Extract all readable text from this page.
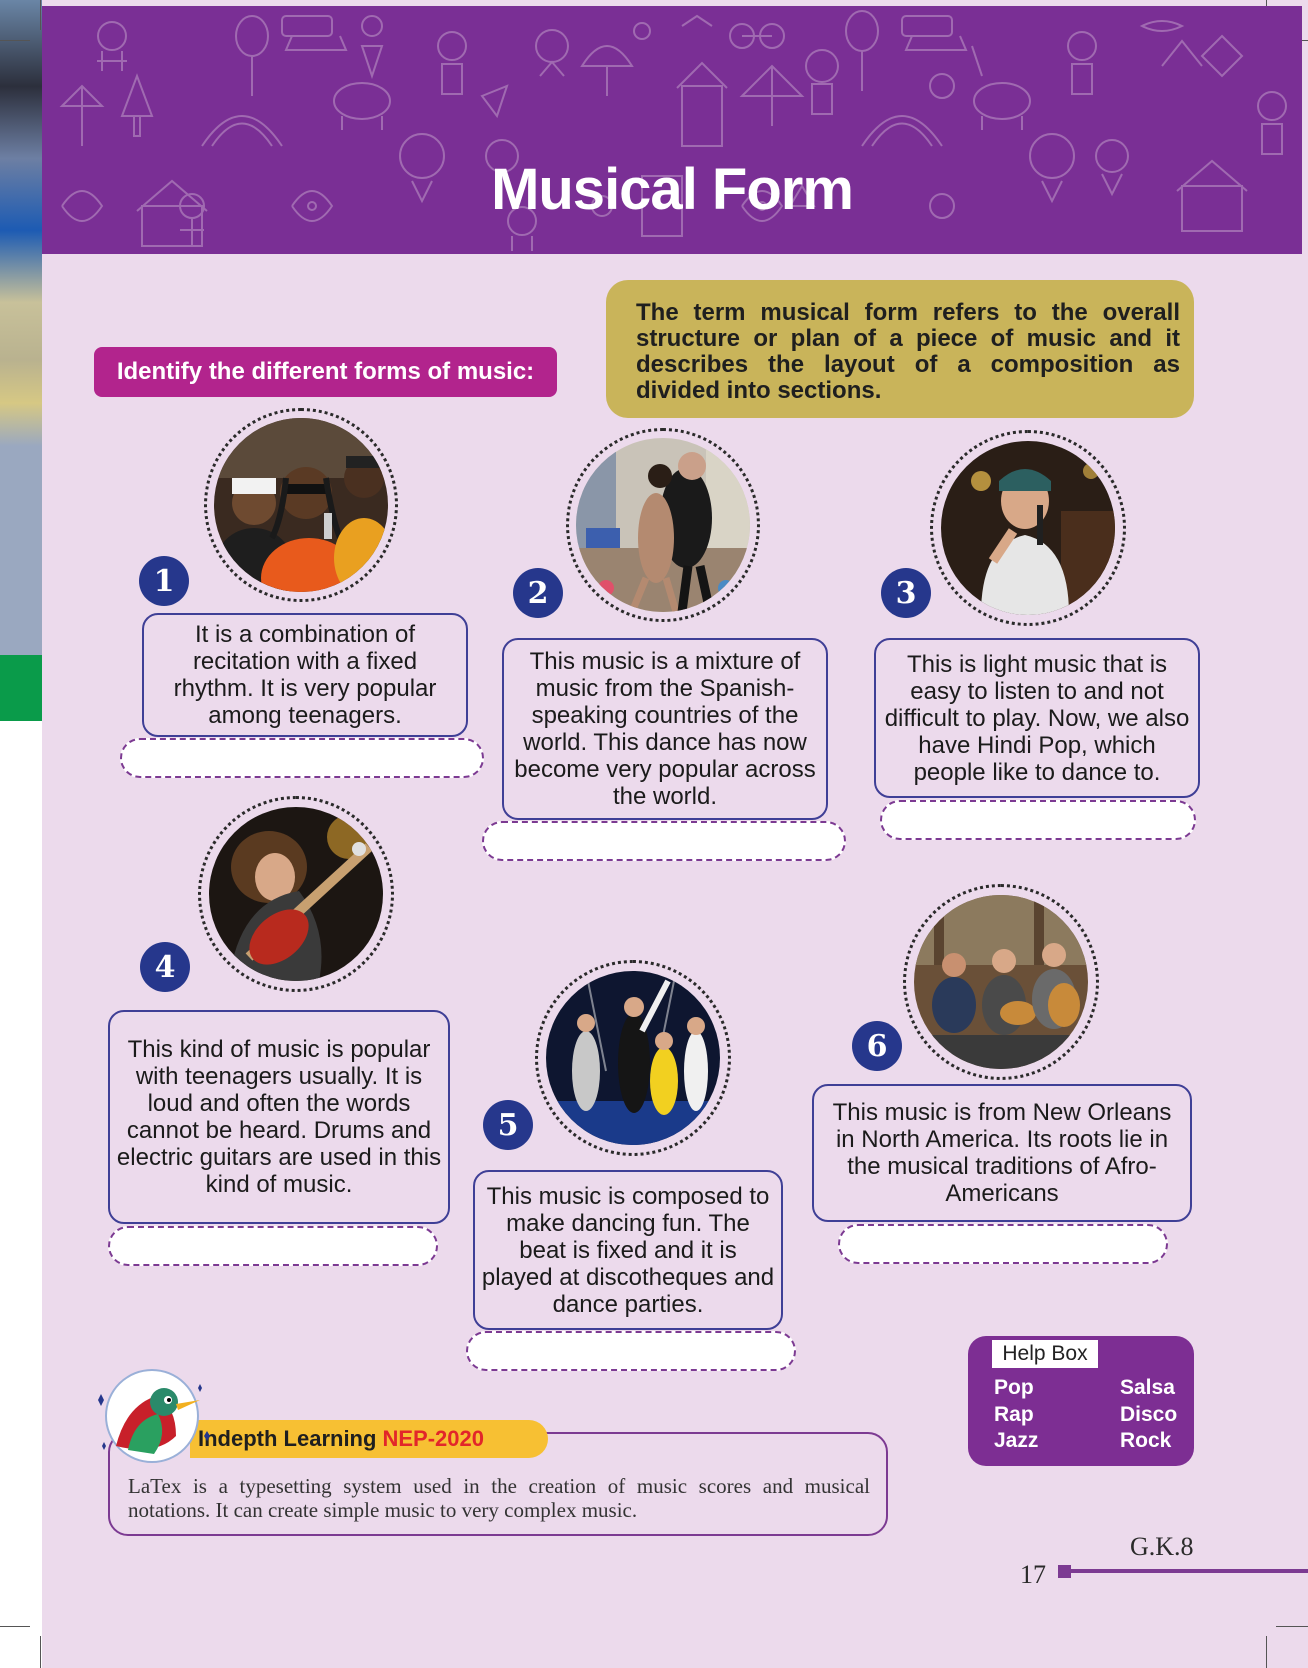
Musical Form
Identify the different forms of music:
The term musical form refers to the overall structure or plan of a piece of music and it describes the layout of a composition as divided into sections.
1
It is a combination of recitation with a fixed rhythm. It is very popular among teenagers.
2
This music is a mixture of music from the Spanish-speaking countries of the world. This dance has now become very popular across the world.
3
This is light music that is easy to listen to and not difficult to play. Now, we also have Hindi Pop, which people like to dance to.
4
This kind of music is popular with teenagers usually. It is loud and often the words cannot be heard. Drums and electric guitars are used in this kind of music.
5
This music is composed to make dancing fun. The beat is fixed and it is played at discotheques and dance parties.
6
This music is from New Orleans in North America. Its roots lie in the musical traditions of Afro-Americans
Help Box
Pop	Salsa
Rap	Disco
Jazz	Rock
LaTex is a typesetting system used in the creation of music scores and musical notations. It can create simple music to very complex music.
Indepth Learning NEP-2020
G.K.8
17
